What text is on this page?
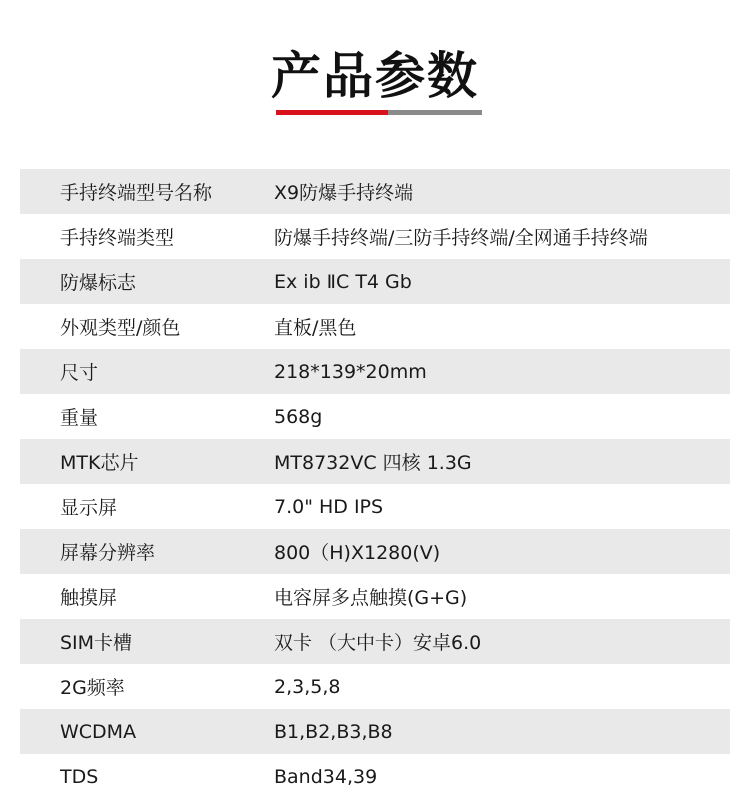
产品参数
手持终端型号名称	X9防爆手持终端
手持终端类型	防爆手持终端/三防手持终端/全网通手持终端
防爆标志	Ex ib ⅡC T4 Gb
外观类型/颜色	直板/黑色
尺寸	218*139*20mm
重量	568g
MTK芯片	MT8732VC 四核 1.3G
显示屏	7.0" HD IPS
屏幕分辨率	800（H)X1280(V)
触摸屏	电容屏多点触摸(G+G)
SIM卡槽	双卡 （大中卡）安卓6.0
2G频率	2,3,5,8
WCDMA	B1,B2,B3,B8
TDS	Band34,39
